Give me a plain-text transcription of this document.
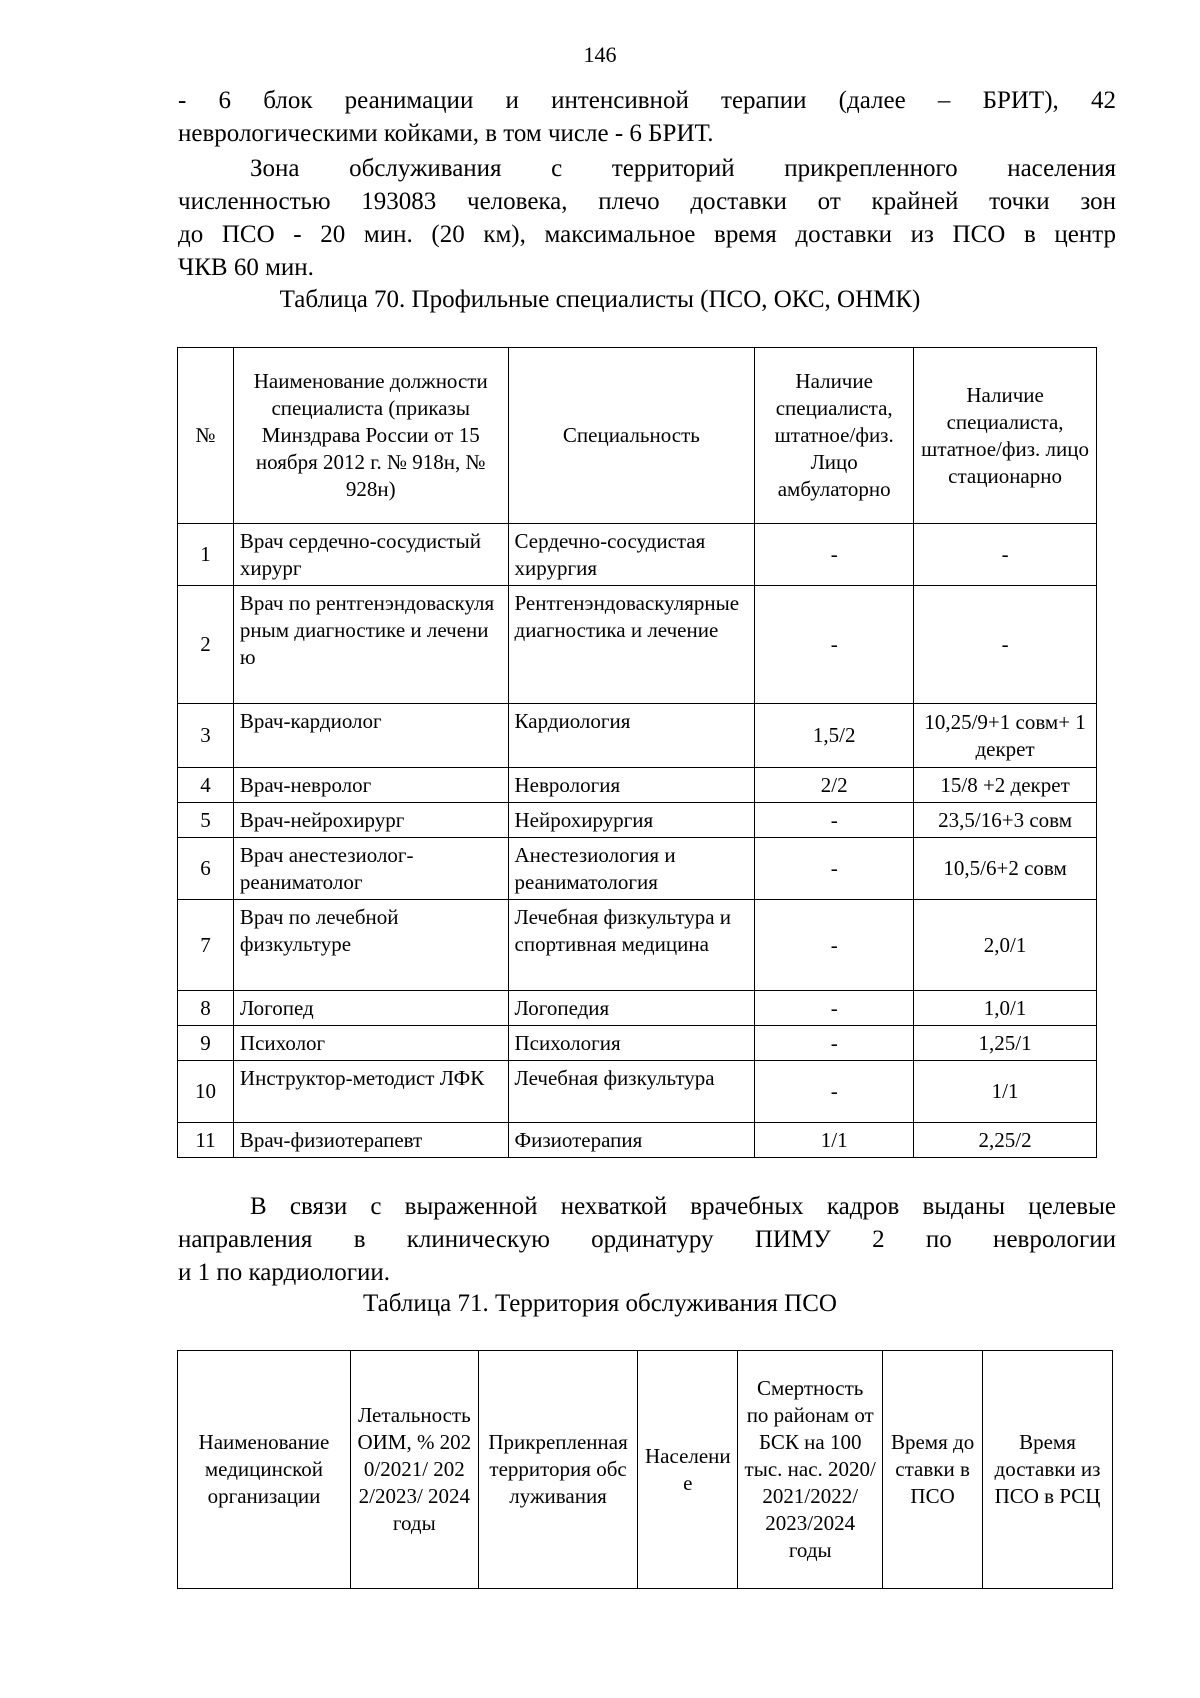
146
- 6 блок реанимации и интенсивной терапии (далее – БРИТ), 42
неврологическими койками, в том числе - 6 БРИТ.
Зона обслуживания с территорий прикрепленного населения
численностью 193083 человека, плечо доставки от крайней точки зон
до ПСО - 20 мин. (20 км), максимальное время доставки из ПСО в центр
ЧКВ 60 мин.
Таблица 70. Профильные специалисты (ПСО, ОКС, ОНМК)
№	Наименование должности специалиста (приказы Минздрава России от 15 ноября 2012 г. № 918н, № 928н)	Специальность	Наличие специалиста, штатное/физ. Лицо амбулаторно	Наличие специалиста, штатное/физ. лицо стационарно
1	Врач сердечно-сосудистый хирург	Сердечно-сосудистая хирургия	-	-
2	Врач по рентгенэндоваскулярным диагностике и лечению	Рентгенэндоваскулярные диагностика и лечение	-	-
3	Врач-кардиолог	Кардиология	1,5/2	10,25/9+1 совм+ 1 декрет
4	Врач-невролог	Неврология	2/2	15/8 +2 декрет
5	Врач-нейрохирург	Нейрохирургия	-	23,5/16+3 совм
6	Врач анестезиолог-реаниматолог	Анестезиология и реаниматология	-	10,5/6+2 совм
7	Врач по лечебной физкультуре	Лечебная физкультура и спортивная медицина	-	2,0/1
8	Логопед	Логопедия	-	1,0/1
9	Психолог	Психология	-	1,25/1
10	Инструктор-методист ЛФК	Лечебная физкультура	-	1/1
11	Врач-физиотерапевт	Физиотерапия	1/1	2,25/2
В связи с выраженной нехваткой врачебных кадров выданы целевые
направления в клиническую ординатуру ПИМУ 2 по неврологии
и 1 по кардиологии.
Таблица 71. Территория обслуживания ПСО
Наименование медицинской организации	Летальность ОИМ, % 2020/2021/ 2022/2023/ 2024 годы	Прикрепленная территория обслуживания	Население	Смертность по районам от БСК на 100 тыс. нас. 2020/ 2021/2022/ 2023/2024 годы	Время доставки в ПСО	Время доставки из ПСО в РСЦ
